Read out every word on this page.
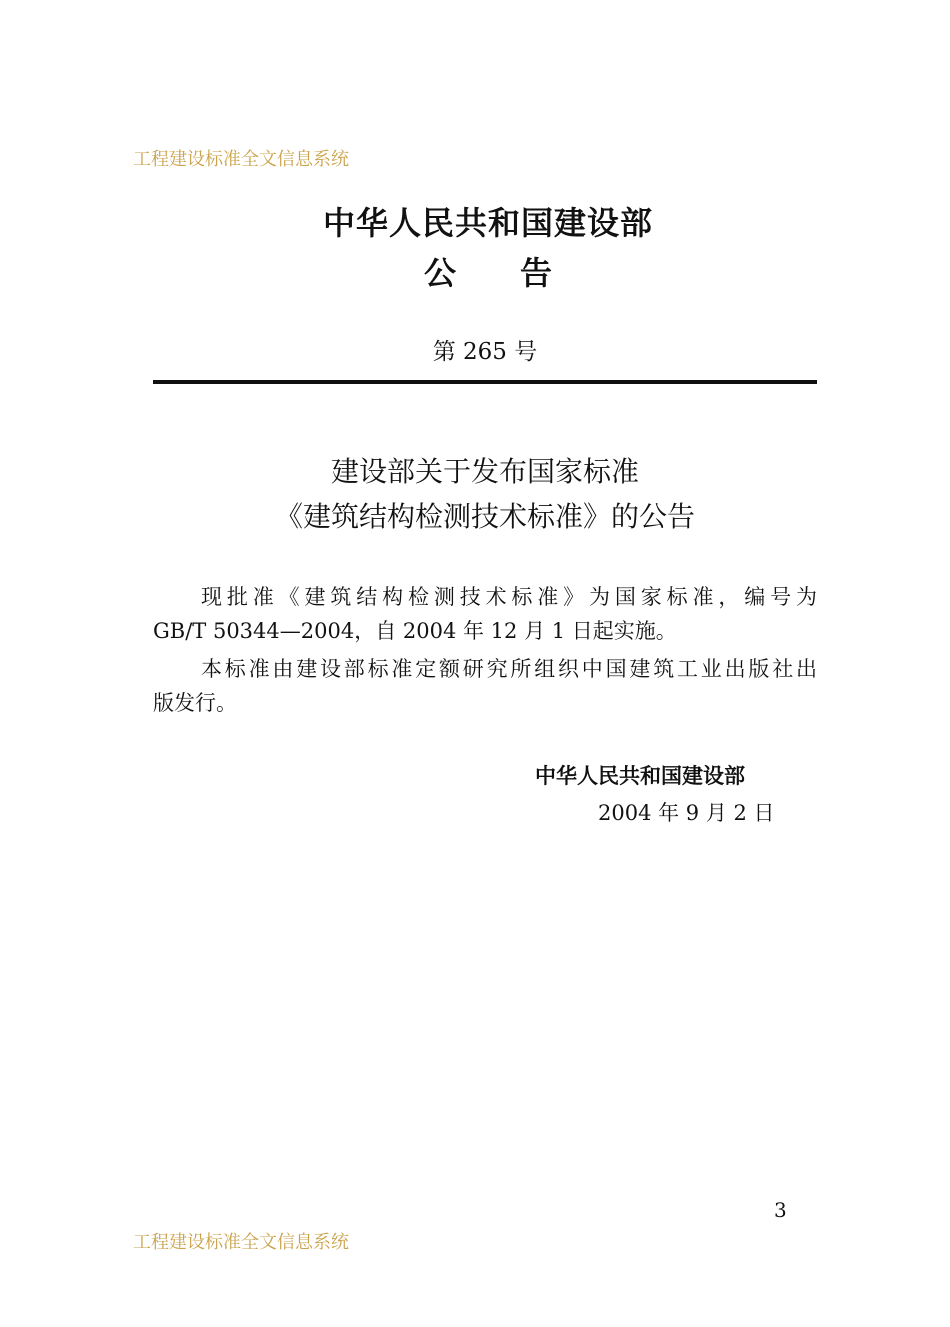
工程建设标准全文信息系统
中华人民共和国建设部
公 告
第 265 号
建设部关于发布国家标准
《建筑结构检测技术标准》的公告
现批准《建筑结构检测技术标准》为国家标准，编号为
GB/T 50344—2004，自 2004 年 12 月 1 日起实施。
本标准由建设部标准定额研究所组织中国建筑工业出版社出
版发行。
中华人民共和国建设部
2004 年 9 月 2 日
3
工程建设标准全文信息系统
